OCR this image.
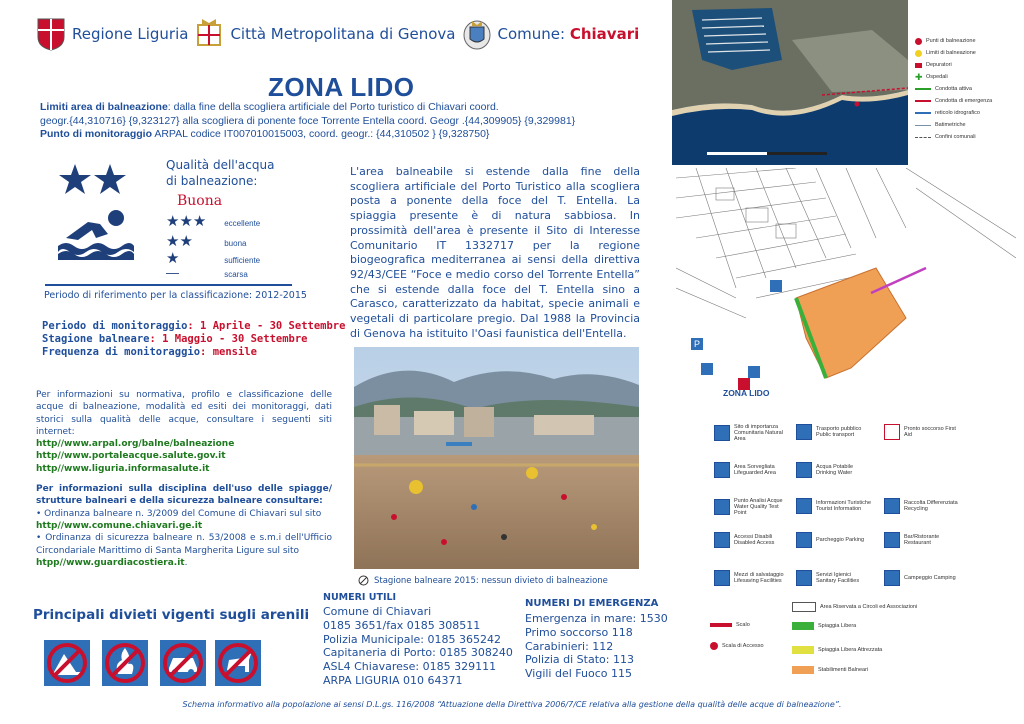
Regione Liguria	Città Metropolitana di Genova	Comune: Chiavari
ZONA LIDO
Limiti area di balneazione: dalla fine della scogliera artificiale del Porto turistico di Chiavari coord.
geogr.{44,310716} {9,323127} alla scogliera di ponente foce Torrente Entella coord. Geogr .{44,309905} {9,329981}
Punto di monitoraggio ARPAL codice IT007010015003, coord. geogr.: {44,310502 } {9,328750}
Qualità dell'acqua
di balneazione:
Buona
★★★ eccellente
★★	buona
★	sufficiente
—	scarsa
Periodo di riferimento per la classificazione: 2012-2015
Periodo di monitoraggio: 1 Aprile - 30 Settembre
Stagione balneare: 1 Maggio - 30 Settembre
Frequenza di monitoraggio: mensile
L'area balneabile si estende dalla fine della scogliera artificiale del Porto Turistico alla scogliera posta a ponente della foce del T. Entella. La spiaggia presente è di natura sabbiosa. In prossimità dell'area è presente il Sito di Interesse Comunitario IT 1332717 per la regione biogeografica mediterranea ai sensi della direttiva 92/43/CEE “Foce e medio corso del Torrente Entella” che si estende dalla foce del T. Entella sino a Carasco, caratterizzato da habitat, specie animali e vegetali di particolare pregio. Dal 1988 la Provincia di Genova ha istituito l'Oasi faunistica dell'Entella.
Per informazioni su normativa, profilo e classificazione delle acque di balneazione, modalità ed esiti dei monitoraggi, dati storici sulla qualità delle acque, consultare i seguenti siti internet:
http//www.arpal.org/balne/balneazione
http//www.portaleacque.salute.gov.it
http//www.liguria.informasalute.it
Per informazioni sulla disciplina dell'uso delle spiagge/ strutture balneari e della sicurezza balneare consultare:
• Ordinanza balneare n. 3/2009 del Comune di Chiavari sul sito
http//www.comune.chiavari.ge.it
• Ordinanza di sicurezza balneare n. 53/2008 e s.m.i dell'Ufficio Circondariale Marittimo di Santa Margherita Ligure sul sito
htpp//www.guardiacostiera.it.
Principali divieti vigenti sugli arenili
Stagione balneare 2015: nessun divieto di balneazione
NUMERI UTILI
Comune di Chiavari
0185 3651/fax 0185 308511
Polizia Municipale: 0185 365242
Capitaneria di Porto: 0185 308240
ASL4 Chiavarese: 0185 329111
ARPA LIGURIA 010 64371
NUMERI DI EMERGENZA
Emergenza in mare: 1530
Primo soccorso 118
Carabinieri: 112
Polizia di Stato: 113
Vigili del Fuoco 115
Punti di balneazione
Limiti di balneazione
Depuratori
✚ Ospedali
Condotta attiva
Condotta di emergenza
reticolo idrografico
Batimetriche
Confini comunali
P
ZONA LIDO
Sito di importanza Comunitaria Natural Area
Trasporto pubblico Public transport
Pronto soccorso First Aid
Area Sorvegliata Lifeguarded Area
Acqua Potabile Drinking Water
Punto Analisi Acque Water Quality Test Point
Informazioni Turistiche Tourist Information
Raccolta Differenziata Recycling
Parcheggio Parking
Accessi Disabili Disabled Access
Bar/Ristorante Restaurant
Mezzi di salvataggio Lifesaving Facilities
Servizi Igienici Sanitary Facilities	Campeggio Camping
Area Riservata a Circoli ed Associazioni
Scalo	Spiaggia Libera
Scala di Accesso
Spiaggia Libera Attrezzata
Stabilimenti Balneari
Schema informativo alla popolazione ai sensi D.L.gs. 116/2008 “Attuazione della Direttiva 2006/7/CE relativa alla gestione della qualità delle acque di balneazione”.
